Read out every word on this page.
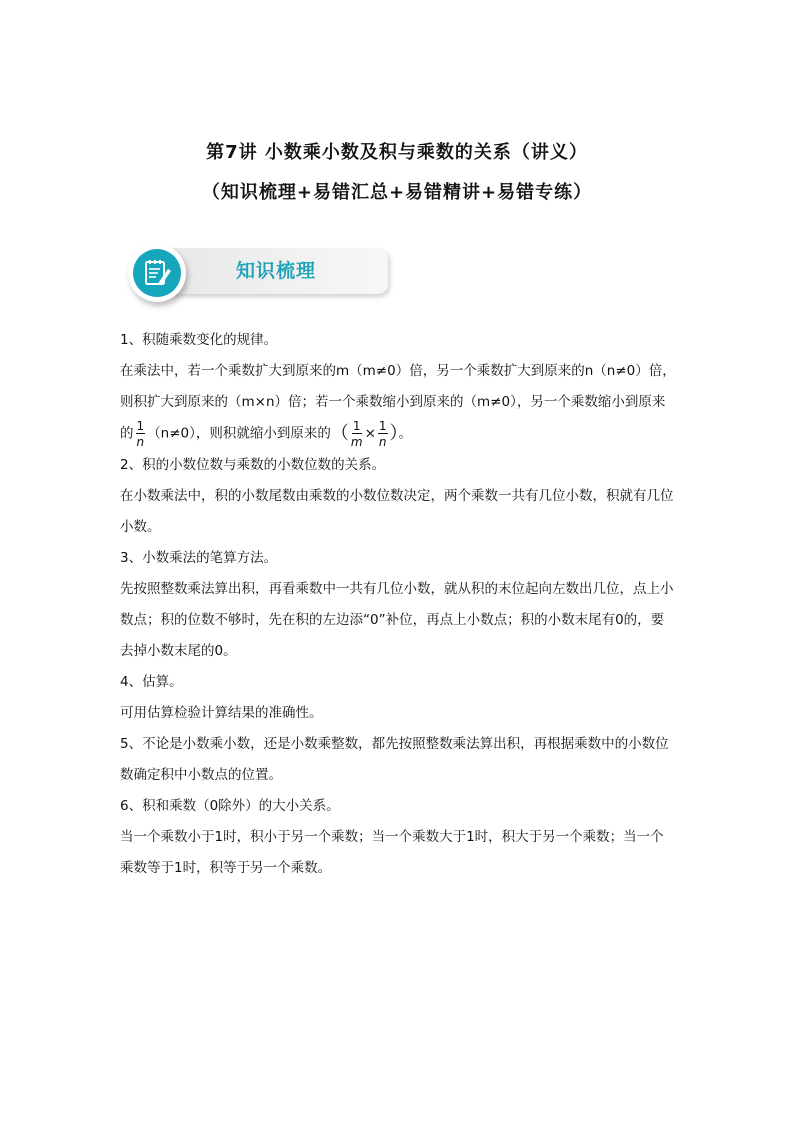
第7讲 小数乘小数及积与乘数的关系（讲义）
（知识梳理+易错汇总+易错精讲+易错专练）
知识梳理

1、积随乘数变化的规律。

在乘法中，若一个乘数扩大到原来的m（m≠0）倍，另一个乘数扩大到原来的n（n≠0）倍，则积扩大到原来的（m×n）倍；若一个乘数缩小到原来的（m≠0），另一个乘数缩小到原来的 $\frac{1}{n} (n\ne 0)$，则积就缩小到原来的（ $\frac{1}{m} \times \frac{1}{n}$ ）。

2、积的小数位数与乘数的小数位数的关系。

在小数乘法中，积的小数尾数由乘数的小数位数决定，两个乘数一共有几位小数，积就有几位小数。

3、小数乘法的笔算方法。

先按照整数乘法算出积，再看乘数中一共有几位小数，就从积的末位起向左数出几位，点上小数点；积的位数不够时，先在积的左边添“0”补位，再点上小数点；积的小数末尾有0的，要去掉小数末尾的0。

4、估算。

可用估算检验计算结果的准确性。

5、不论是小数乘小数，还是小数乘整数，都先按照整数乘法算出积，再根据乘数中的小数位数确定积中小数点的位置。

6、积和乘数（0除外）的大小关系。

当一个乘数小于1时，积小于另一个乘数；当一个乘数大于1时，积大于另一个乘数；当一个乘数等于1时，积等于另一个乘数。
